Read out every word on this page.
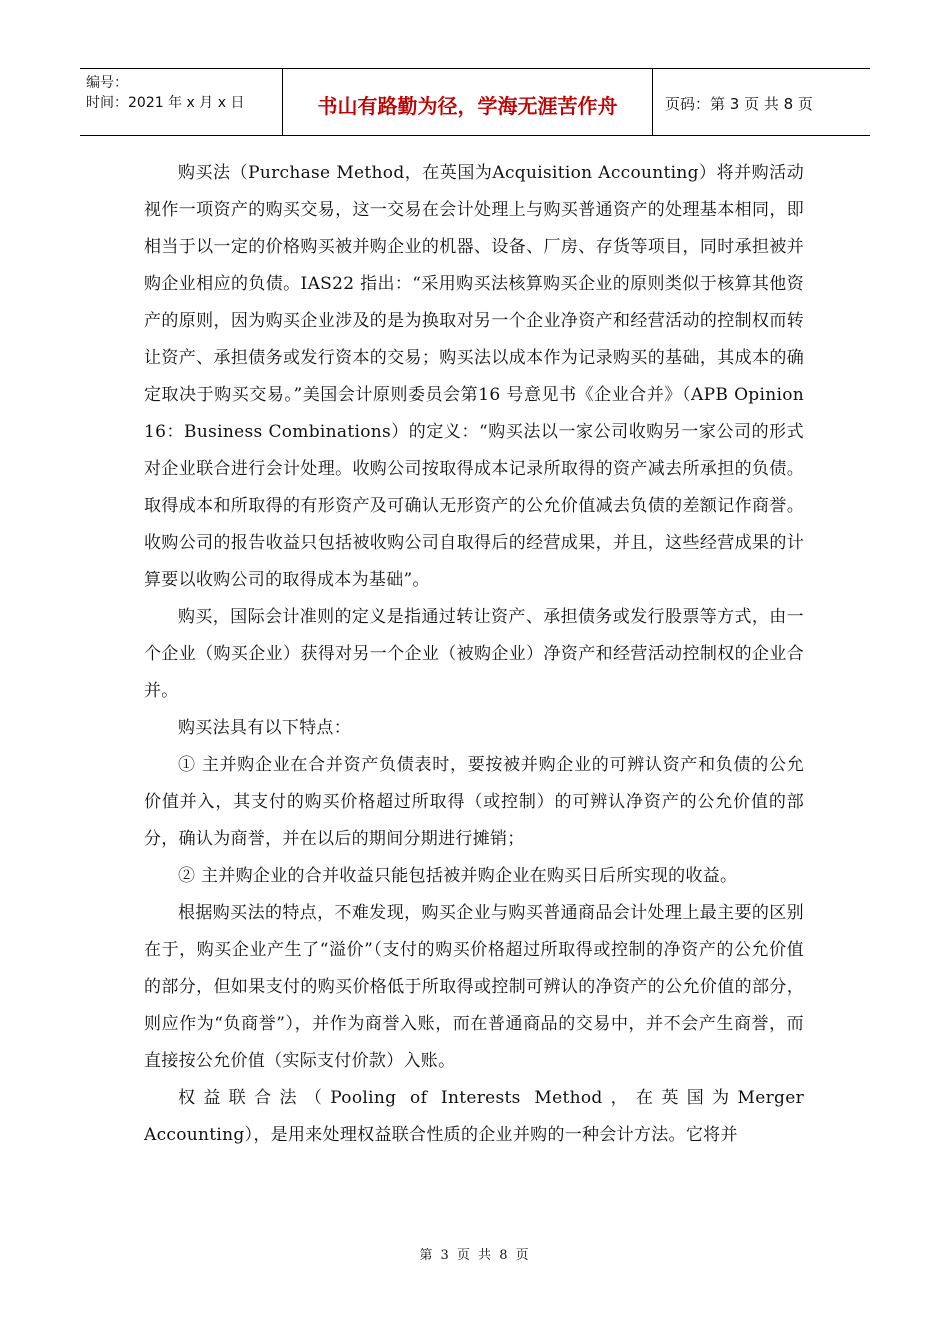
编号：
时间：2021 年 x 月 x 日	书山有路勤为径，学海无涯苦作舟	页码：第 3 页 共 8 页

购买法（Purchase Method，在英国为Acquisition Accounting）将并购活动视作一项资产的购买交易，这一交易在会计处理上与购买普通资产的处理基本相同，即相当于以一定的价格购买被并购企业的机器、设备、厂房、存货等项目，同时承担被并购企业相应的负债。IAS22 指出：“采用购买法核算购买企业的原则类似于核算其他资产的原则，因为购买企业涉及的是为换取对另一个企业净资产和经营活动的控制权而转让资产、承担债务或发行资本的交易；购买法以成本作为记录购买的基础，其成本的确定取决于购买交易。”美国会计原则委员会第16 号意见书《企业合并》（APB Opinion 16：Business Combinations）的定义：“购买法以一家公司收购另一家公司的形式对企业联合进行会计处理。收购公司按取得成本记录所取得的资产减去所承担的负债。取得成本和所取得的有形资产及可确认无形资产的公允价值减去负债的差额记作商誉。收购公司的报告收益只包括被收购公司自取得后的经营成果，并且，这些经营成果的计算要以收购公司的取得成本为基础”。

购买，国际会计准则的定义是指通过转让资产、承担债务或发行股票等方式，由一个企业（购买企业）获得对另一个企业（被购企业）净资产和经营活动控制权的企业合并。

购买法具有以下特点：

① 主并购企业在合并资产负债表时，要按被并购企业的可辨认资产和负债的公允价值并入，其支付的购买价格超过所取得（或控制）的可辨认净资产的公允价值的部分，确认为商誉，并在以后的期间分期进行摊销；

② 主并购企业的合并收益只能包括被并购企业在购买日后所实现的收益。

根据购买法的特点，不难发现，购买企业与购买普通商品会计处理上最主要的区别在于，购买企业产生了“溢价”（支付的购买价格超过所取得或控制的净资产的公允价值的部分，但如果支付的购买价格低于所取得或控制可辨认的净资产的公允价值的部分，则应作为“负商誉”），并作为商誉入账，而在普通商品的交易中，并不会产生商誉，而直接按公允价值（实际支付价款）入账。

权益联合法（Pooling of Interests Method，在英国为Merger Accounting），是用来处理权益联合性质的企业并购的一种会计方法。它将并

第 3 页 共 8 页
